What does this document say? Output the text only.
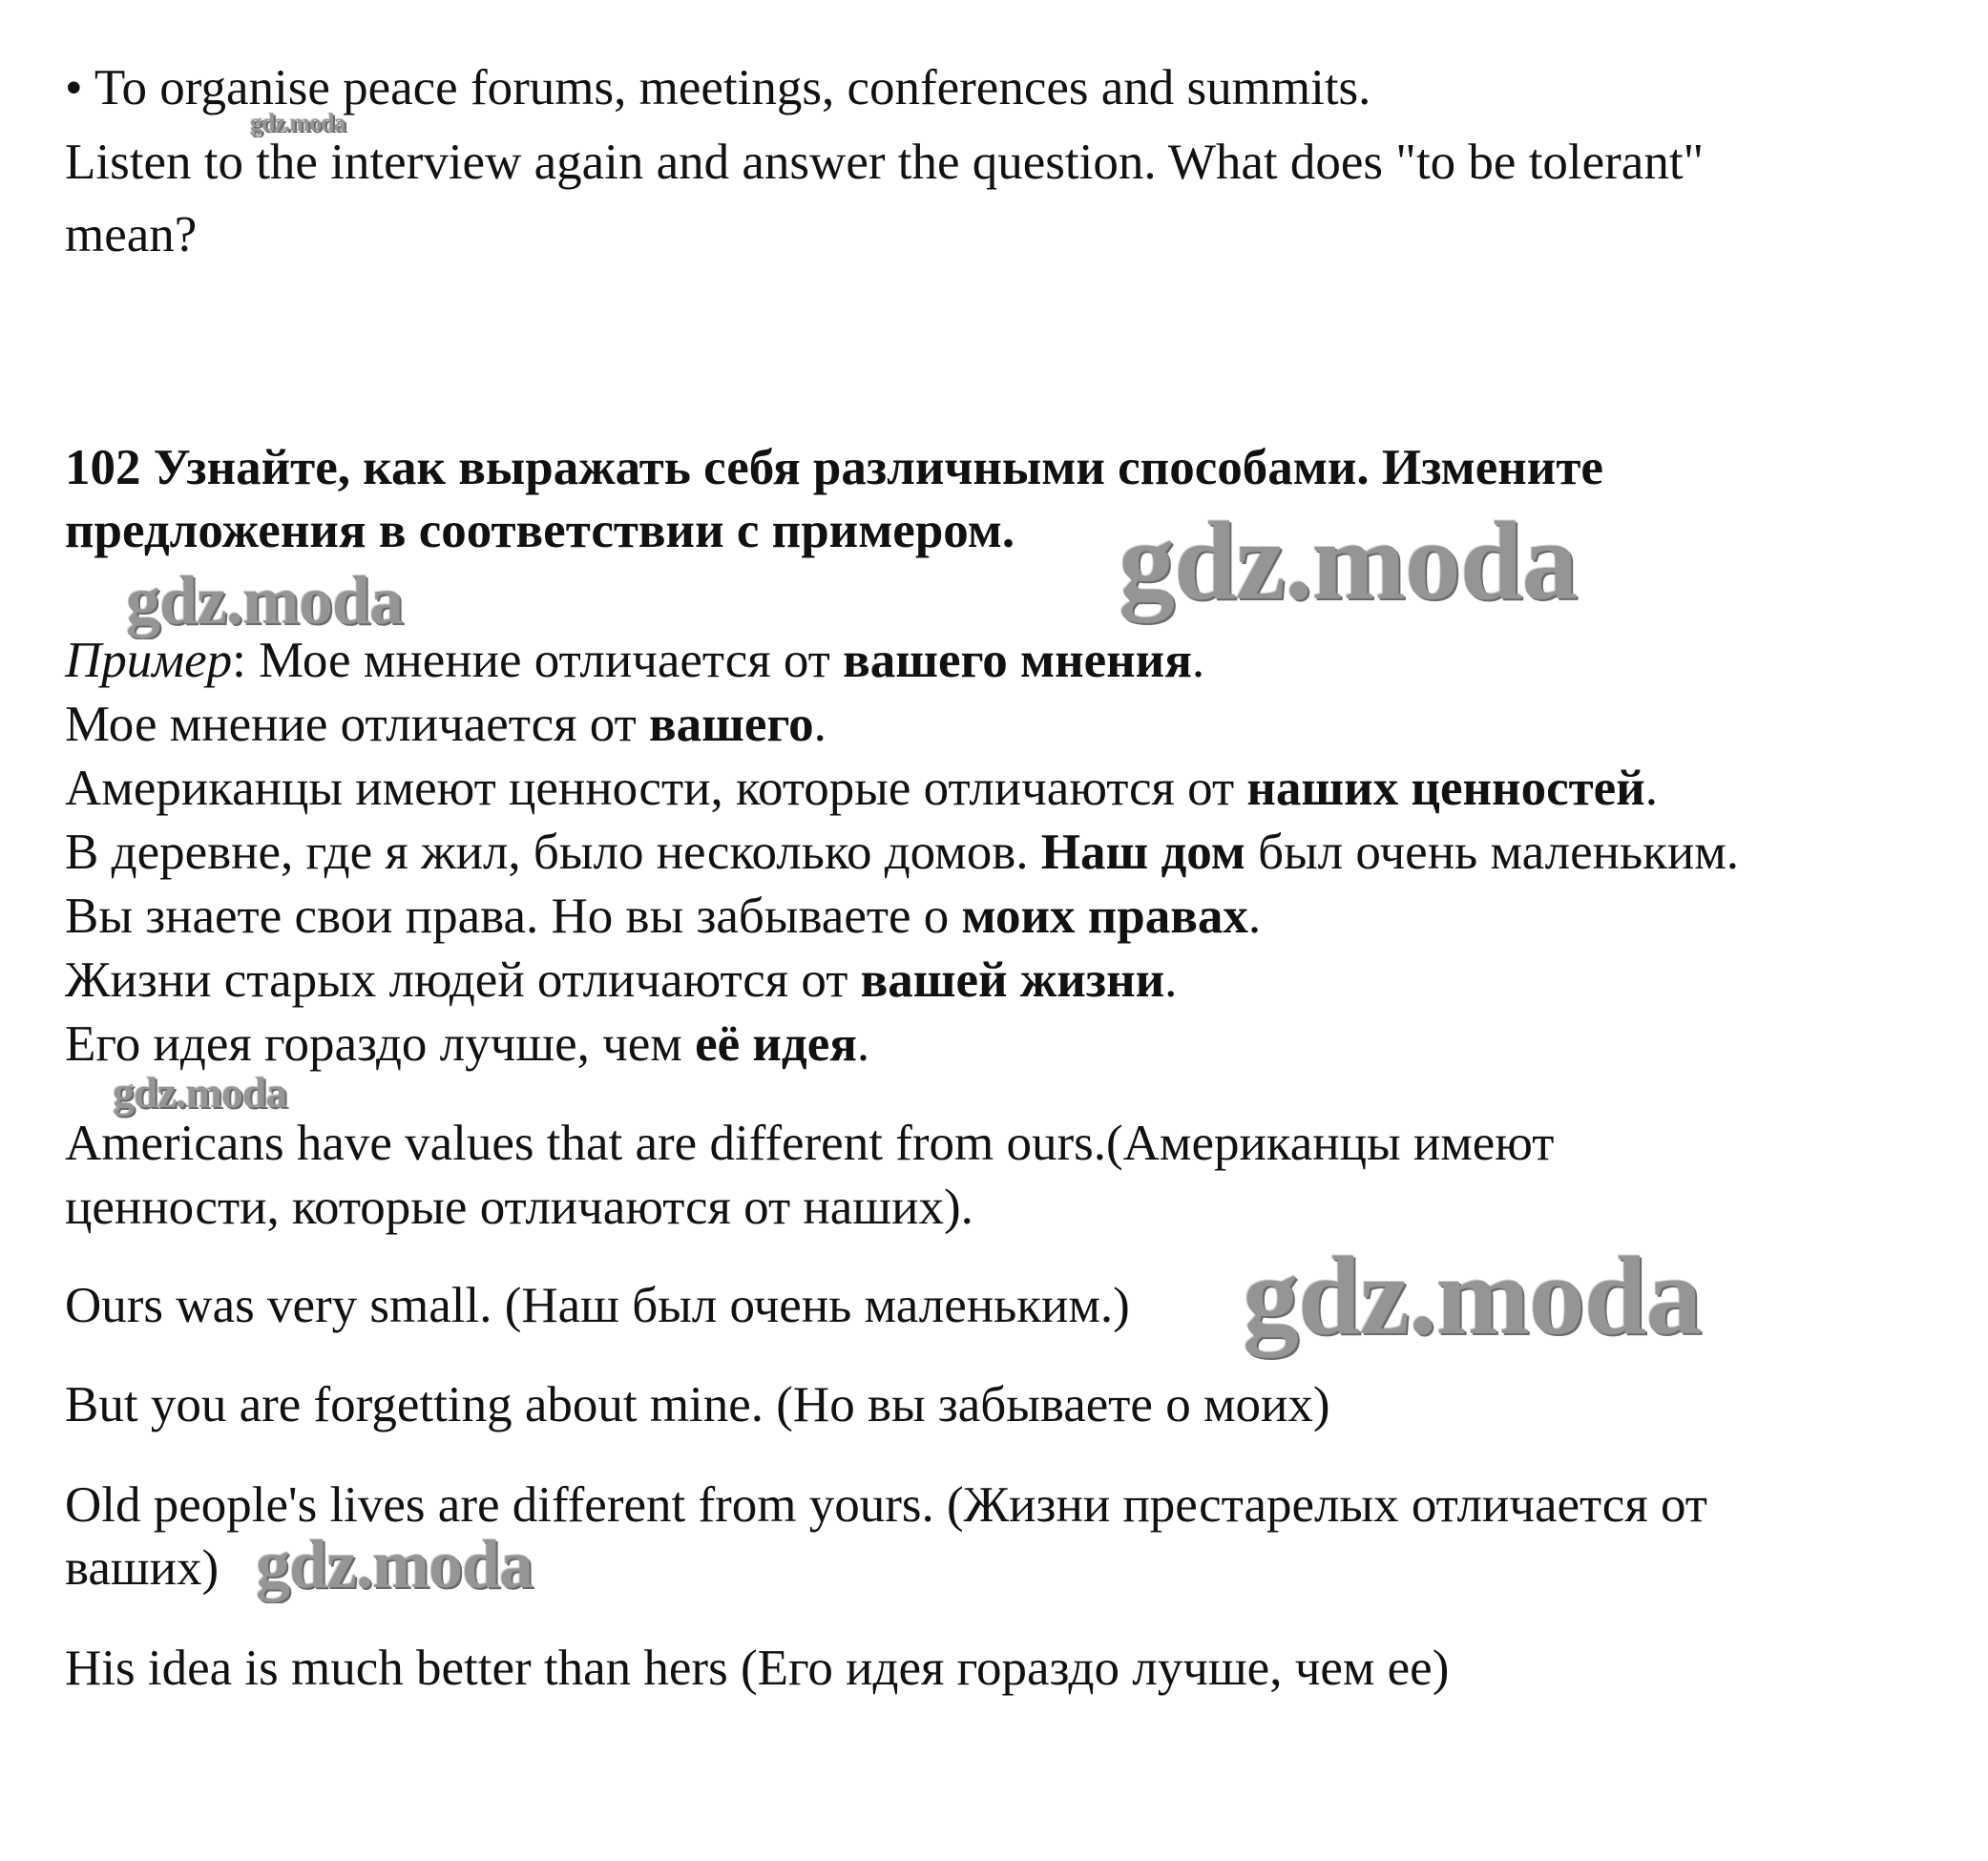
• To organise peace forums, meetings, conferences and summits.
Listen to the interview again and answer the question. What does "to be tolerant"
mean?
102 Узнайте, как выражать себя различными способами. Измените
предложения в соответствии с примером.
Пример: Мое мнение отличается от вашего мнения.
Мое мнение отличается от вашего.
Американцы имеют ценности, которые отличаются от наших ценностей.
В деревне, где я жил, было несколько домов. Наш дом был очень маленьким.
Вы знаете свои права. Но вы забываете о моих правах.
Жизни старых людей отличаются от вашей жизни.
Его идея гораздо лучше, чем её идея.
Americans have values that are different from ours.(Американцы имеют
ценности, которые отличаются от наших).
Ours was very small. (Наш был очень маленьким.)
But you are forgetting about mine. (Но вы забываете о моих)
Old people's lives are different from yours. (Жизни престарелых отличается от
ваших)
His idea is much better than hers (Его идея гораздо лучше, чем ее)
gdz.moda
gdz.moda
gdz.moda
gdz.moda
gdz.moda
gdz.moda
